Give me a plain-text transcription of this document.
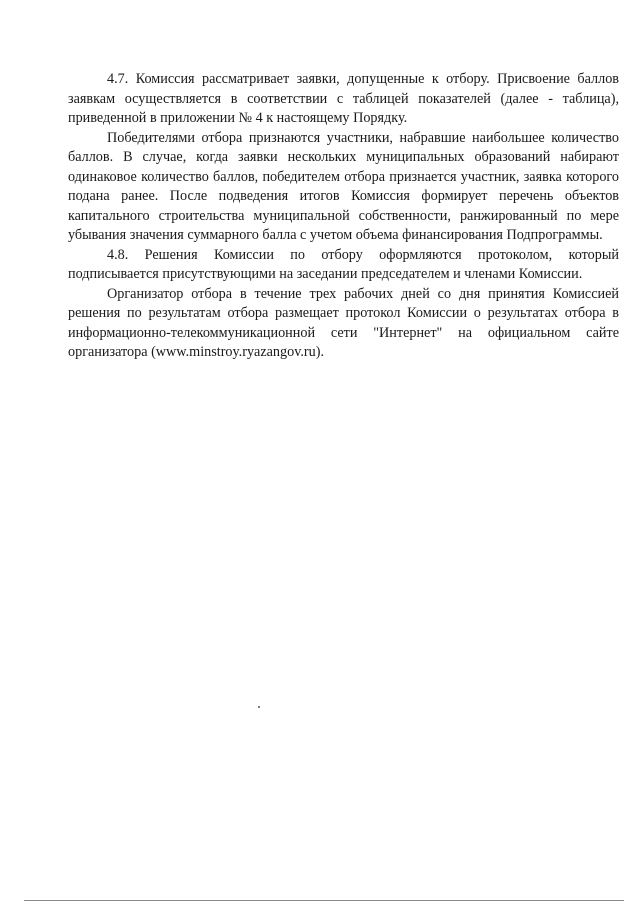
4.7. Комиссия рассматривает заявки, допущенные к отбору. Присвоение баллов заявкам осуществляется в соответствии с таблицей показателей (далее - таблица), приведенной в приложении № 4 к настоящему Порядку.

Победителями отбора признаются участники, набравшие наибольшее количество баллов. В случае, когда заявки нескольких муниципальных образований набирают одинаковое количество баллов, победителем отбора признается участник, заявка которого подана ранее. После подведения итогов Комиссия формирует перечень объектов капитального строительства муниципальной собственности, ранжированный по мере убывания значения суммарного балла с учетом объема финансирования Подпрограммы.

4.8. Решения Комиссии по отбору оформляются протоколом, который подписывается присутствующими на заседании председателем и членами Комиссии.

Организатор отбора в течение трех рабочих дней со дня принятия Комиссией решения по результатам отбора размещает протокол Комиссии о результатах отбора в информационно-телекоммуникационной сети "Интернет" на официальном сайте организатора (www.minstroy.ryazangov.ru).
